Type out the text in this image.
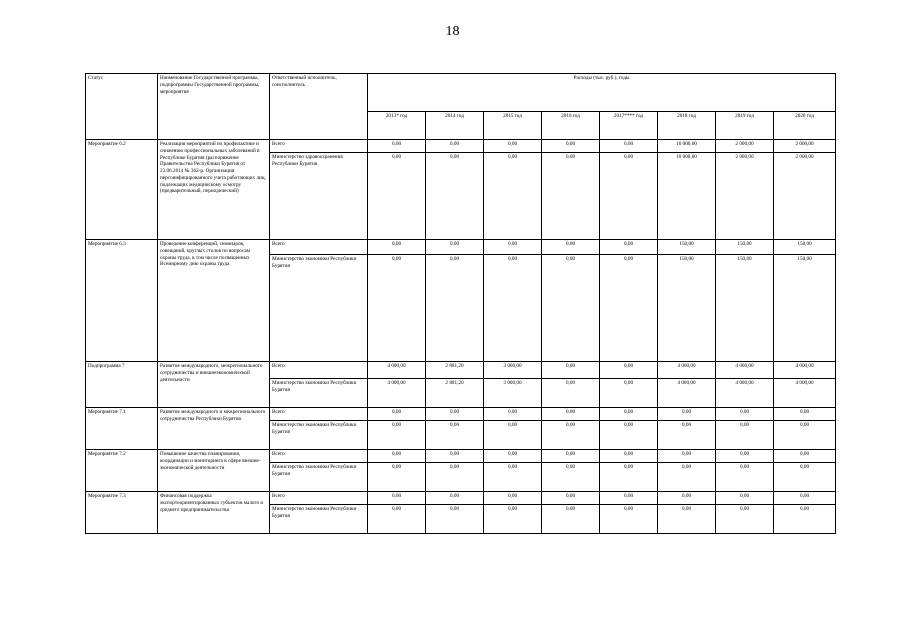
18
Статус	Наименование Государственной программы, подпрограммы Государственной программы, мероприятия	Ответственный исполнитель, соисполнитель	Расходы (тыс. руб.), годы							
			2013* год	2014 год	2015 год	2016 год	2017**** год	2018 год	2019 год	2020 год
Мероприятие 6.2	Реализация мероприятий по профилактике и снижению профессиональных заболеваний в Республике Бурятия (распоряжение Правительства Республики Бурятия от 23.06.2014 № 362-р. Организация персонифицированного учета работающих лиц, подлежащих медицинскому осмотру (предварительный, периодический)	Всего	0,00	0,00	0,00	0,00	0,00	10 000,00	2 000,00	2 000,00
		Министерство здравоохранения Республики Бурятия	0,00	0,00	0,00	0,00	0,00	10 000,00	2 000,00	2 000,00
Мероприятие 6.3	Проведение конференций, семинаров, совещаний, круглых столов по вопросам охраны труда, в том числе посвященных Всемирному дню охраны труда	Всего	0,00	0,00	0,00	0,00	0,00	150,00	150,00	150,00
		Министерство экономики Республики Бурятия	0,00	0,00	0,00	0,00	0,00	150,00	150,00	150,00
Подпрограмма 7	Развитие международного, межрегионального сотрудничества и внешнеэкономической деятельности	Всего	4 000,00	2 881,20	3 000,00	0,00	0,00	4 000,00	4 000,00	4 000,00
		Министерство экономики Республики Бурятия	4 000,00	2 881,20	3 000,00	0,00	0,00	4 000,00	4 000,00	4 000,00
Мероприятие 7.1	Развитие международного и межрегионального сотрудничества Республики Бурятия	Всего	0,00	0,00	0,00	0,00	0,00	0,00	0,00	0,00
		Министерство экономики Республики Бурятия	0,00	0,00	0,00	0,00	0,00	0,00	0,00	0,00
Мероприятие 7.2	Повышение качества планирования, координации и мониторинга в сфере внешне-экономической деятельности	Всего	0,00	0,00	0,00	0,00	0,00	0,00	0,00	0,00
		Министерство экономики Республики Бурятия	0,00	0,00	0,00	0,00	0,00	0,00	0,00	0,00
Мероприятие 7.3	Финансовая поддержка экспортоориентированных субъектов малого и среднего предпринимательства	Всего	0,00	0,00	0,00	0,00	0,00	0,00	0,00	0,00
		Министерство экономики Республики Бурятия	0,00	0,00	0,00	0,00	0,00	0,00	0,00	0,00
